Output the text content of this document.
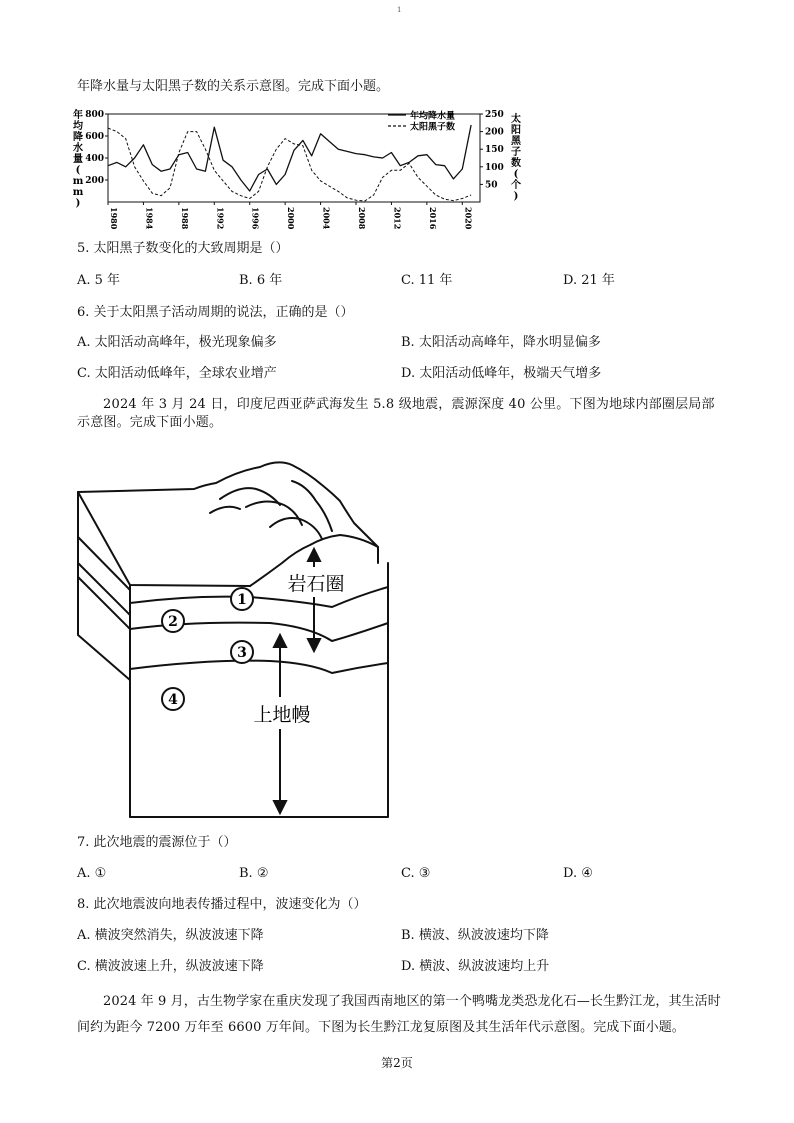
1
年降水量与太阳黑子数的关系示意图。完成下面小题。
1980	1984	1988	1992	1996	2000	2004	2008	2012	2016	2020
200
400
600
800
50
100
150
200
250
年
均
降
水
量
(
m
m
)
太
阳
黑
子
数
(
个
)
年均降水量
太阳黑子数
5. 太阳黑子数变化的大致周期是（）
A. 5 年	B. 6 年	C. 11 年	D. 21 年
6. 关于太阳黑子活动周期的说法，正确的是（）
A. 太阳活动高峰年，极光现象偏多	B. 太阳活动高峰年，降水明显偏多
C. 太阳活动低峰年，全球农业增产	D. 太阳活动低峰年，极端天气增多
2024 年 3 月 24 日，印度尼西亚萨武海发生 5.8 级地震，震源深度 40 公里。下图为地球内部圈层局部示意图。完成下面小题。
岩石圈
上地幔
1
2
3
4
7. 此次地震的震源位于（）
A. ①	B. ②	C. ③	D. ④
8. 此次地震波向地表传播过程中，波速变化为（）
A. 横波突然消失，纵波波速下降	B. 横波、纵波波速均下降
C. 横波波速上升，纵波波速下降	D. 横波、纵波波速均上升
2024 年 9 月，古生物学家在重庆发现了我国西南地区的第一个鸭嘴龙类恐龙化石—长生黔江龙，其生活时间约为距今 7200 万年至 6600 万年间。下图为长生黔江龙复原图及其生活年代示意图。完成下面小题。
第2页
